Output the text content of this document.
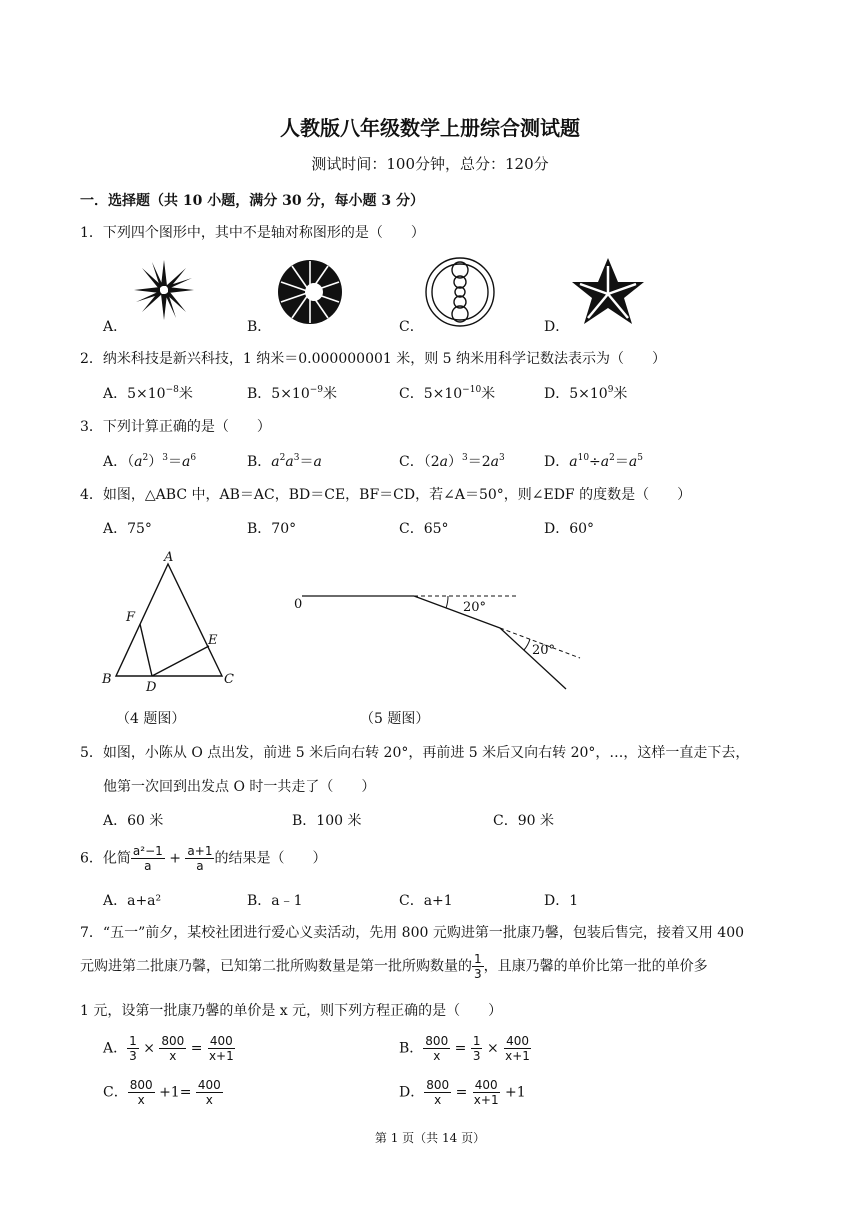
人教版八年级数学上册综合测试题
测试时间：100分钟，总分：120分
一．选择题（共 10 小题，满分 30 分，每小题 3 分）
1．下列四个图形中，其中不是轴对称图形的是（　　）
A．	B．	C．	D．
2．纳米科技是新兴科技，1 纳米＝0.000000001 米，则 5 纳米用科学记数法表示为（　　）
A．$5\times 10^{-8}$米	B．$5\times 10^{-9}$米	C．$5\times 10^{-10}$米	D．$5\times 10^9$米
3．下列计算正确的是（　　）
A．$(a^2)^3=a^6$	B．$a^2a^3=a$	C．$(2a)^3=2a^3$	D．$a^{10}\div a^2=a^5$
4．如图，△ABC 中，AB＝AC，BD＝CE，BF＝CD，若∠A＝50°，则∠EDF 的度数是（　　）
A．75°	B．70°	C．65°	D．60°
A
B	C
D
E
F
（4 题图）
0	20°
20°
（5 题图）
5．如图，小陈从 O 点出发，前进 5 米后向右转 20°，再前进 5 米后又向右转 20°，…，这样一直走下去，
他第一次回到出发点 O 时一共走了（　　）
A．60 米	B．100 米	C．90 米
6．化简 $\frac{\text{a²−1}}{a} + \frac{a+1}{a}$ 的结果是（　　）
A．a+a²	B．a﹣1	C．a+1	D．1
7．“五一”前夕，某校社团进行爱心义卖活动，先用 800 元购进第一批康乃馨，包装后售完，接着又用 400
元购进第二批康乃馨，已知第二批所购数量是第一批所购数量的 $\frac{1}{3}$ ，且康乃馨的单价比第一批的单价多
1 元，设第一批康乃馨的单价是 x 元，则下列方程正确的是（　　）
A． $\frac{1}{3} \times \frac{800}{x} = \frac{400}{x+1}$	B． $\frac{800}{x} = \frac{1}{3} \times \frac{400}{x+1}$
C． $\frac{800}{x} +1= \frac{400}{x}$	D． $\frac{800}{x} = \frac{400}{x+1} +1$
第 1 页（共 14 页）
